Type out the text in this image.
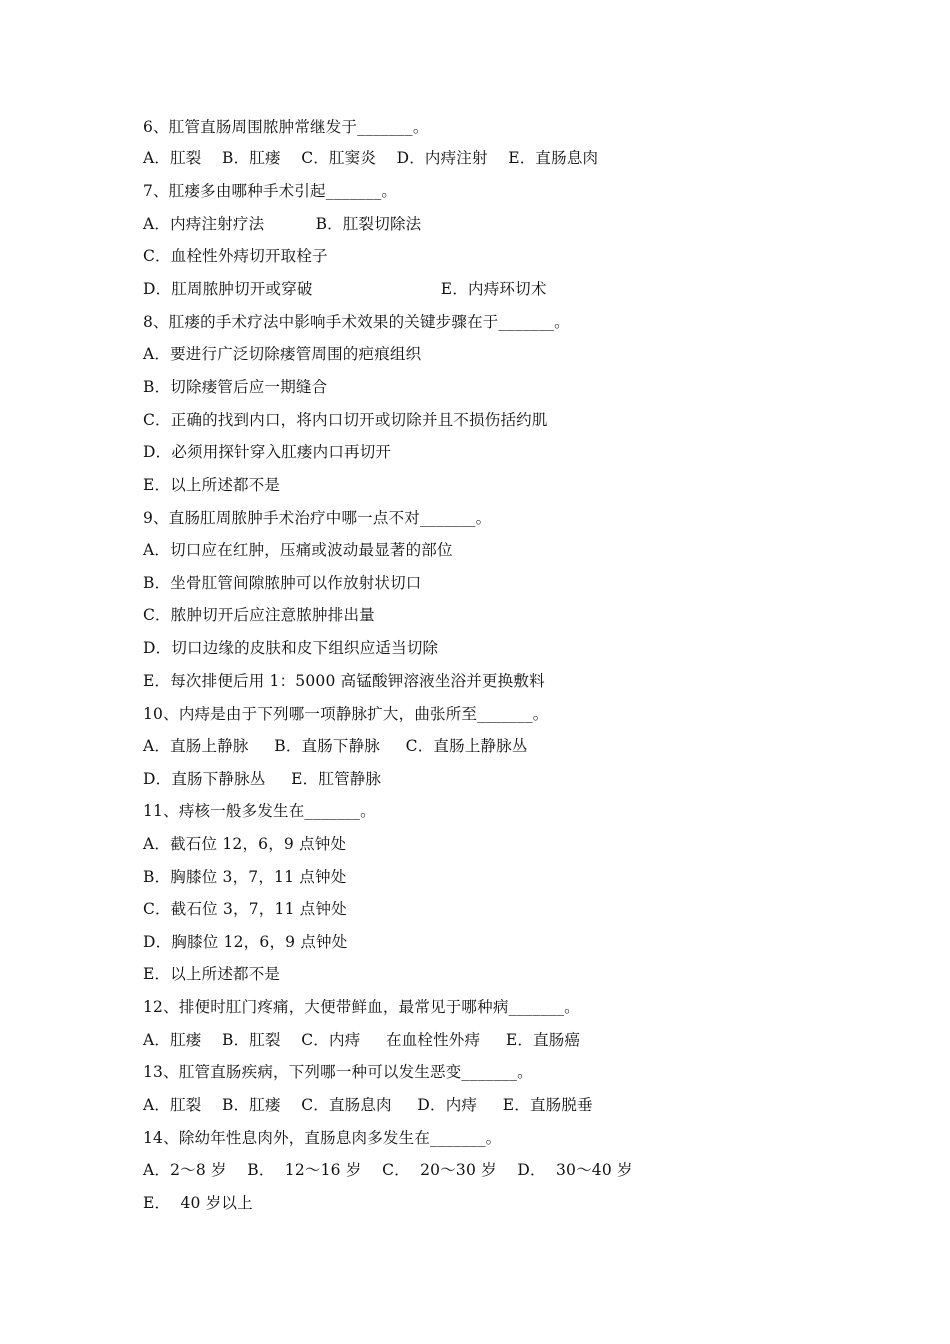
6、肛管直肠周围脓肿常继发于_______。
A．肛裂    B．肛瘘    C．肛窦炎    D．内痔注射    E．直肠息肉
7、肛瘘多由哪种手术引起_______。
A．内痔注射疗法          B．肛裂切除法
C．血栓性外痔切开取栓子
D．肛周脓肿切开或穿破                         E．内痔环切术
8、肛瘘的手术疗法中影响手术效果的关键步骤在于_______。
A．要进行广泛切除瘘管周围的疤痕组织
B．切除瘘管后应一期缝合
C．正确的找到内口，将内口切开或切除并且不损伤括约肌
D．必须用探针穿入肛瘘内口再切开
E．以上所述都不是
9、直肠肛周脓肿手术治疗中哪一点不对_______。
A．切口应在红肿，压痛或波动最显著的部位
B．坐骨肛管间隙脓肿可以作放射状切口
C．脓肿切开后应注意脓肿排出量
D．切口边缘的皮肤和皮下组织应适当切除
E．每次排便后用 1：5000 高锰酸钾溶液坐浴并更换敷料
10、内痔是由于下列哪一项静脉扩大，曲张所至_______。
A．直肠上静脉     B．直肠下静脉     C．直肠上静脉丛
D．直肠下静脉丛     E．肛管静脉
11、痔核一般多发生在_______。
A．截石位 12，6，9 点钟处
B．胸膝位 3，7，11 点钟处
C．截石位 3，7，11 点钟处
D．胸膝位 12，6，9 点钟处
E．以上所述都不是
12、排便时肛门疼痛，大便带鲜血，最常见于哪种病_______。
A．肛瘘    B．肛裂    C．内痔     在血栓性外痔     E．直肠癌
13、肛管直肠疾病，下列哪一种可以发生恶变_______。
A．肛裂    B．肛瘘    C．直肠息肉     D．内痔     E．直肠脱垂
14、除幼年性息肉外，直肠息肉多发生在_______。
A．2～8 岁    B．  12～16 岁    C．  20～30 岁    D．  30～40 岁
E．  40 岁以上
